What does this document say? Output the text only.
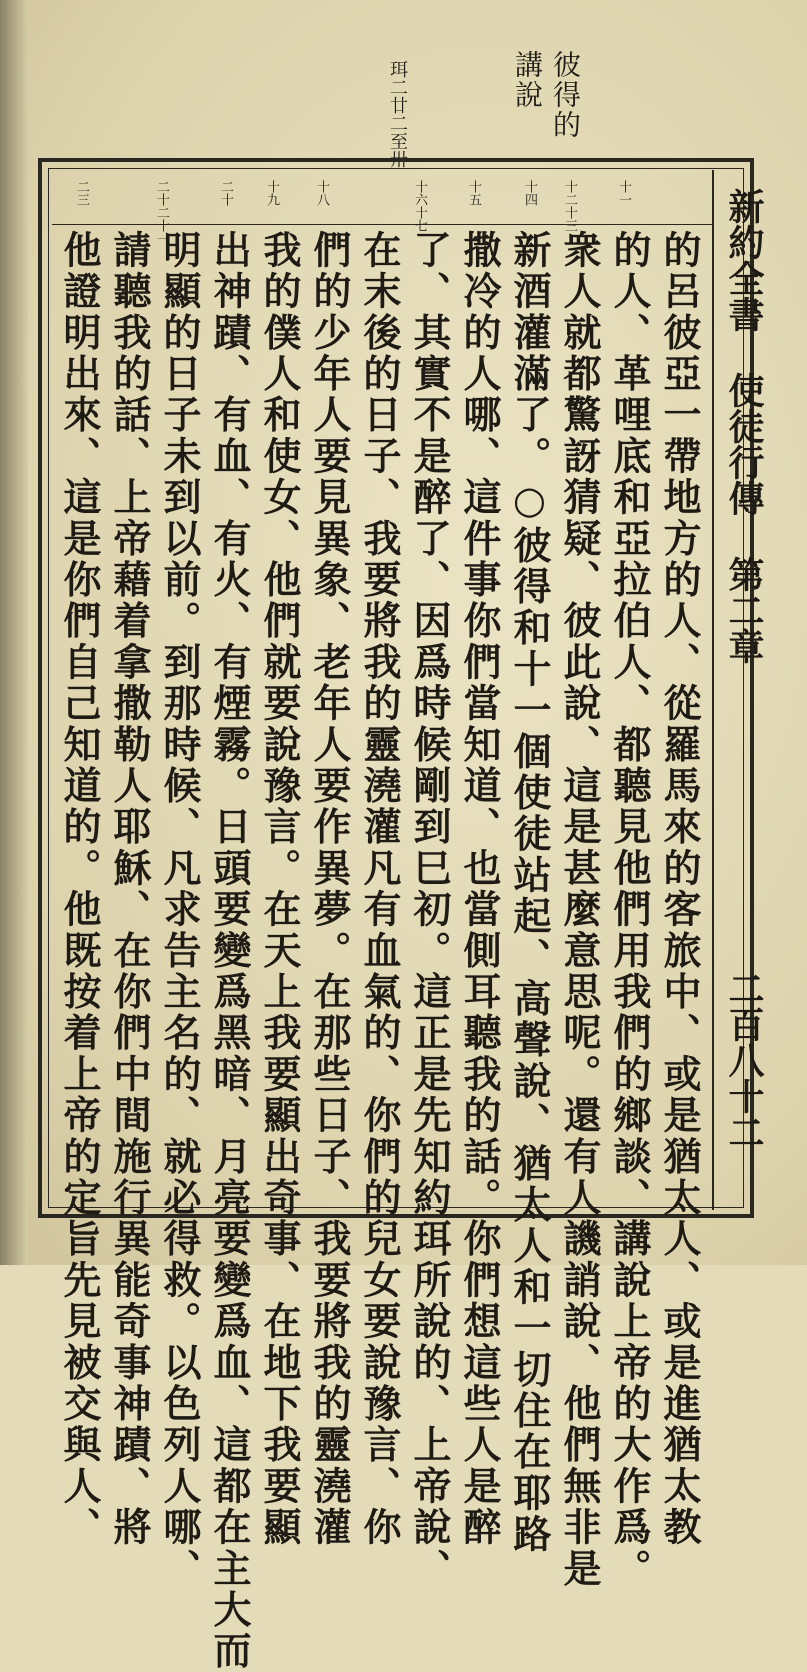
彼得的
講說
珥二廿二至卅
十一
十二十三
十四
十五
十六十七
十八
十九
二十
二十二十一
二三	新約全書使徒行傳第二章
二百八十二
的呂彼亞一帶地方的人、從羅馬來的客旅中、或是猶太人、或是進猶太教
的人、革哩底和亞拉伯人、都聽見他們用我們的鄉談、講說上帝的大作爲。
衆人就都驚訝猜疑、彼此說、這是甚麼意思呢。還有人譏誚說、他們無非是
新酒灌滿了。○彼得和十一個使徒站起、高聲說、猶太人和一切住在耶路
撒冷的人哪、這件事你們當知道、也當側耳聽我的話。你們想這些人是醉
了、其實不是醉了、因爲時候剛到巳初。這正是先知約珥所說的、上帝說、
在末後的日子、我要將我的靈澆灌凡有血氣的、你們的兒女要說豫言、你
們的少年人要見異象、老年人要作異夢。在那些日子、我要將我的靈澆灌
我的僕人和使女、他們就要說豫言。在天上我要顯出奇事、在地下我要顯
出神蹟、有血、有火、有煙霧。日頭要變爲黑暗、月亮要變爲血、這都在主大而
明顯的日子未到以前。到那時候、凡求告主名的、就必得救。以色列人哪、
請聽我的話、上帝藉着拿撒勒人耶穌、在你們中間施行異能奇事神蹟、將
他證明出來、這是你們自己知道的。他既按着上帝的定旨先見被交與人、
